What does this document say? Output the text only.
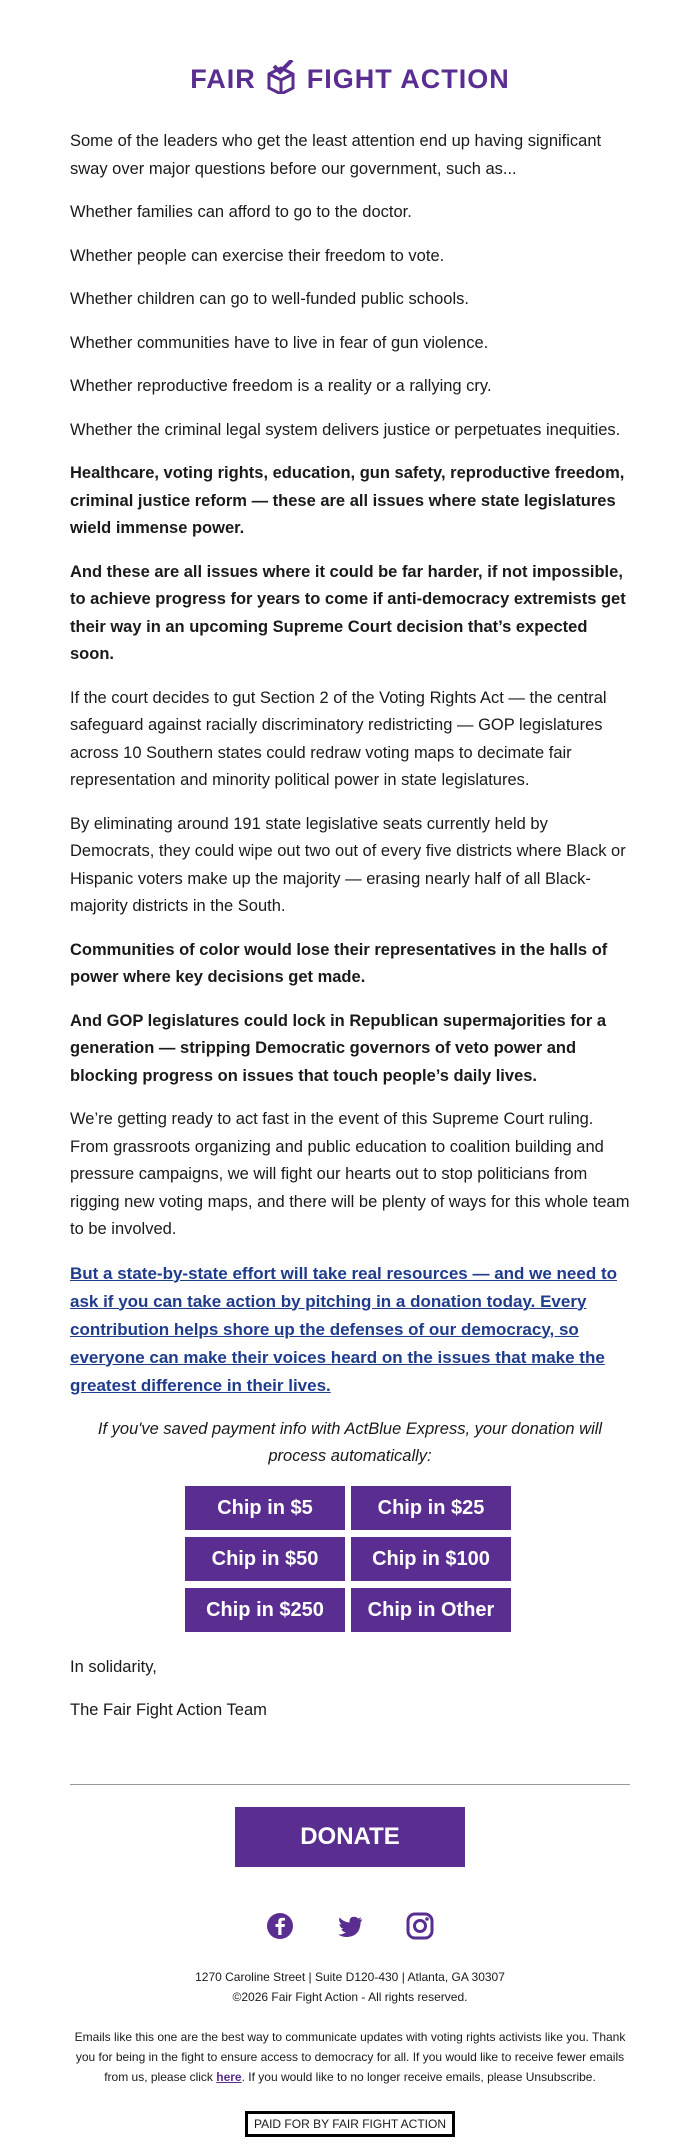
FAIR FIGHT ACTION

Some of the leaders who get the least attention end up having significant sway over major questions before our government, such as...

Whether families can afford to go to the doctor.

Whether people can exercise their freedom to vote.

Whether children can go to well-funded public schools.

Whether communities have to live in fear of gun violence.

Whether reproductive freedom is a reality or a rallying cry.

Whether the criminal legal system delivers justice or perpetuates inequities.

Healthcare, voting rights, education, gun safety, reproductive freedom, criminal justice reform — these are all issues where state legislatures wield immense power.

And these are all issues where it could be far harder, if not impossible, to achieve progress for years to come if anti-democracy extremists get their way in an upcoming Supreme Court decision that’s expected soon.

If the court decides to gut Section 2 of the Voting Rights Act — the central safeguard against racially discriminatory redistricting — GOP legislatures across 10 Southern states could redraw voting maps to decimate fair representation and minority political power in state legislatures.

By eliminating around 191 state legislative seats currently held by Democrats, they could wipe out two out of every five districts where Black or Hispanic voters make up the majority — erasing nearly half of all Black-majority districts in the South.

Communities of color would lose their representatives in the halls of power where key decisions get made.

And GOP legislatures could lock in Republican supermajorities for a generation — stripping Democratic governors of veto power and blocking progress on issues that touch people’s daily lives.

We’re getting ready to act fast in the event of this Supreme Court ruling. From grassroots organizing and public education to coalition building and pressure campaigns, we will fight our hearts out to stop politicians from rigging new voting maps, and there will be plenty of ways for this whole team to be involved.

But a state-by-state effort will take real resources — and we need to ask if you can take action by pitching in a donation today. Every contribution helps shore up the defenses of our democracy, so everyone can make their voices heard on the issues that make the greatest difference in their lives.

If you've saved payment info with ActBlue Express, your donation will process automatically:

Chip in $5	Chip in $25
Chip in $50	Chip in $100
Chip in $250	Chip in Other

In solidarity,

The Fair Fight Action Team

DONATE

1270 Caroline Street | Suite D120-430 | Atlanta, GA 30307
©2026 Fair Fight Action - All rights reserved.
Emails like this one are the best way to communicate updates with voting rights activists like you. Thank you for being in the fight to ensure access to democracy for all. If you would like to receive fewer emails from us, please click here. If you would like to no longer receive emails, please Unsubscribe.
PAID FOR BY FAIR FIGHT ACTION
